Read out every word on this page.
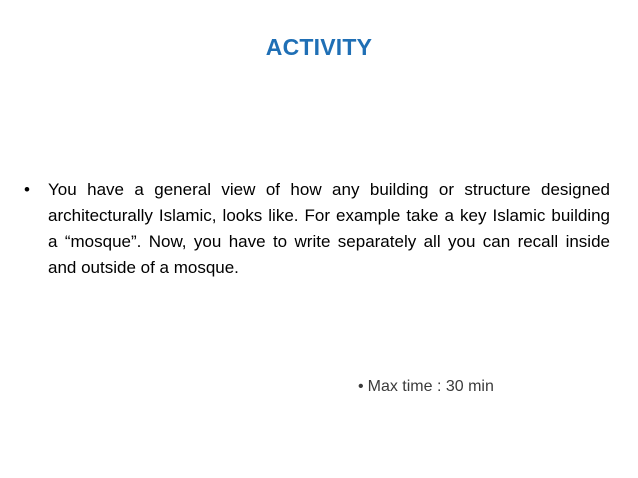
ACTIVITY
• You have a general view of how any building or structure designed architecturally Islamic, looks like. For example take a key Islamic building a “mosque”. Now, you have to write separately all you can recall inside and outside of a mosque.
• Max time : 30 min
